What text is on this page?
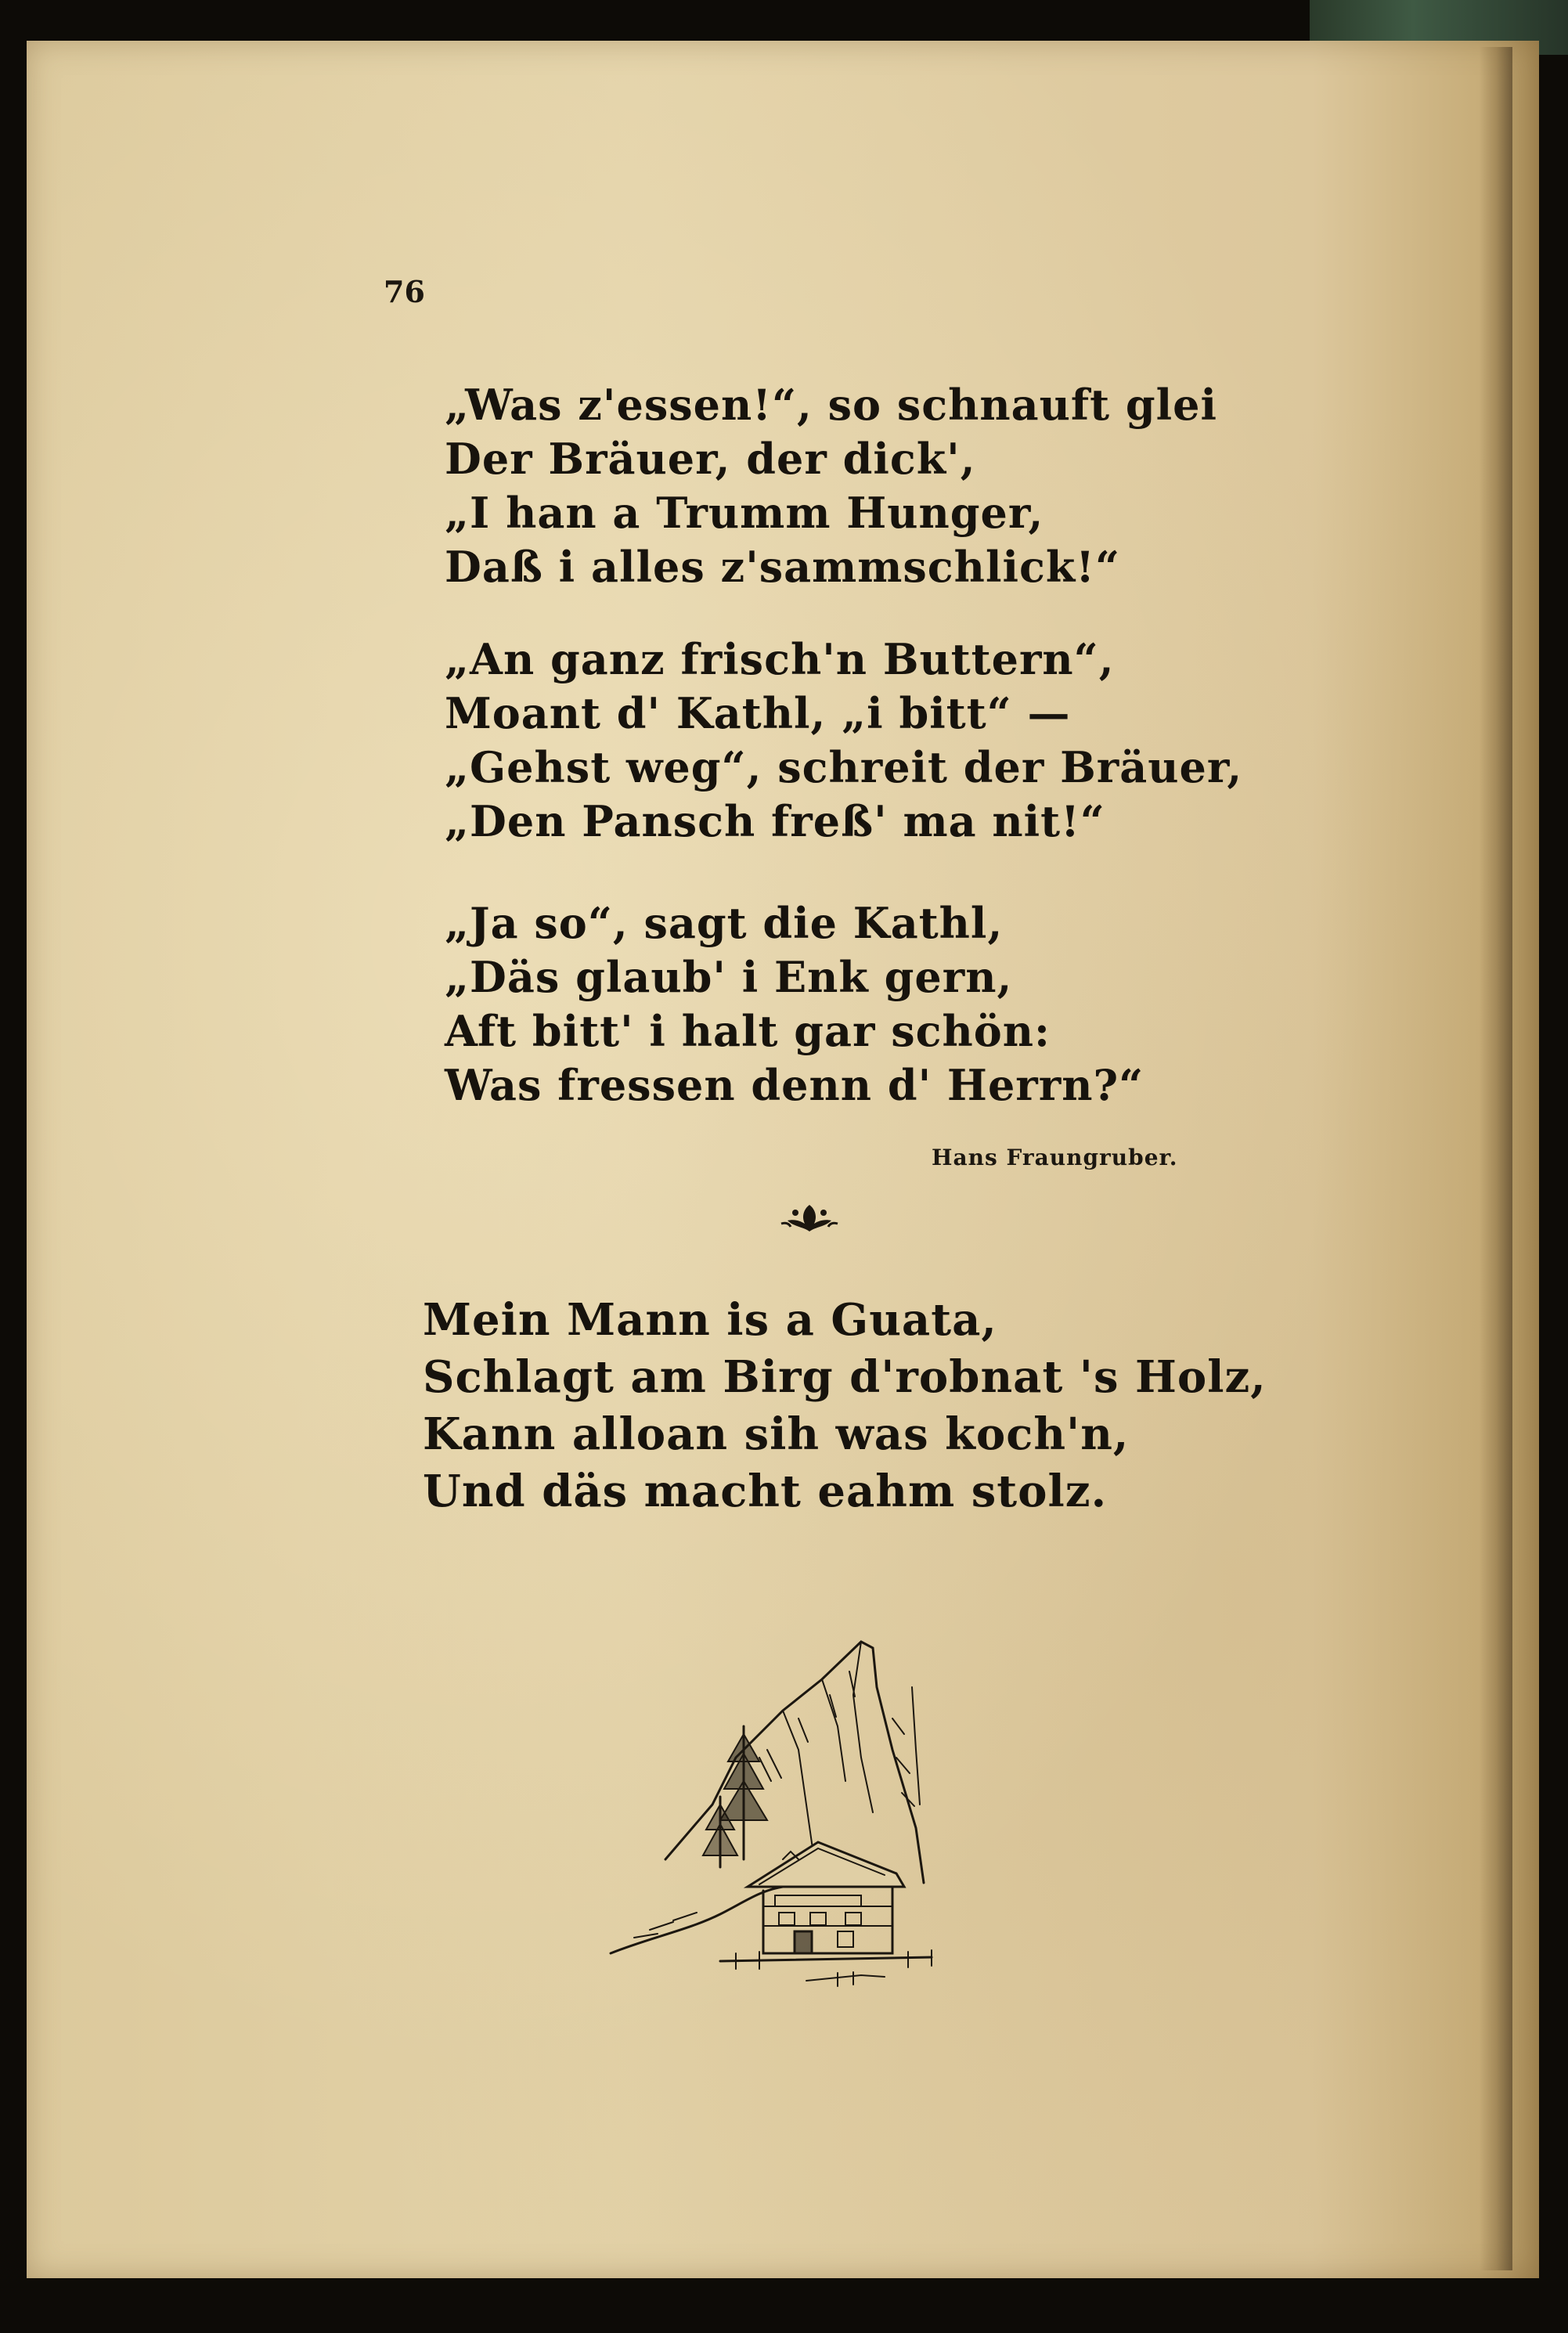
76
„Was z'essen!“, so schnauft glei
Der Bräuer, der dick',
„I han a Trumm Hunger,
Daß i alles z'sammschlick!“
„An ganz frisch'n Buttern“,
Moant d' Kathl, „i bitt“ —
„Gehst weg“, schreit der Bräuer,
„Den Pansch freß' ma nit!“
„Ja so“, sagt die Kathl,
„Däs glaub' i Enk gern,
Aft bitt' i halt gar schön:
Was fressen denn d' Herrn?“
Hans Fraungruber.
Mein Mann is a Guata,
Schlagt am Birg d'robnat 's Holz,
Kann alloan sih was koch'n,
Und däs macht eahm stolz.
